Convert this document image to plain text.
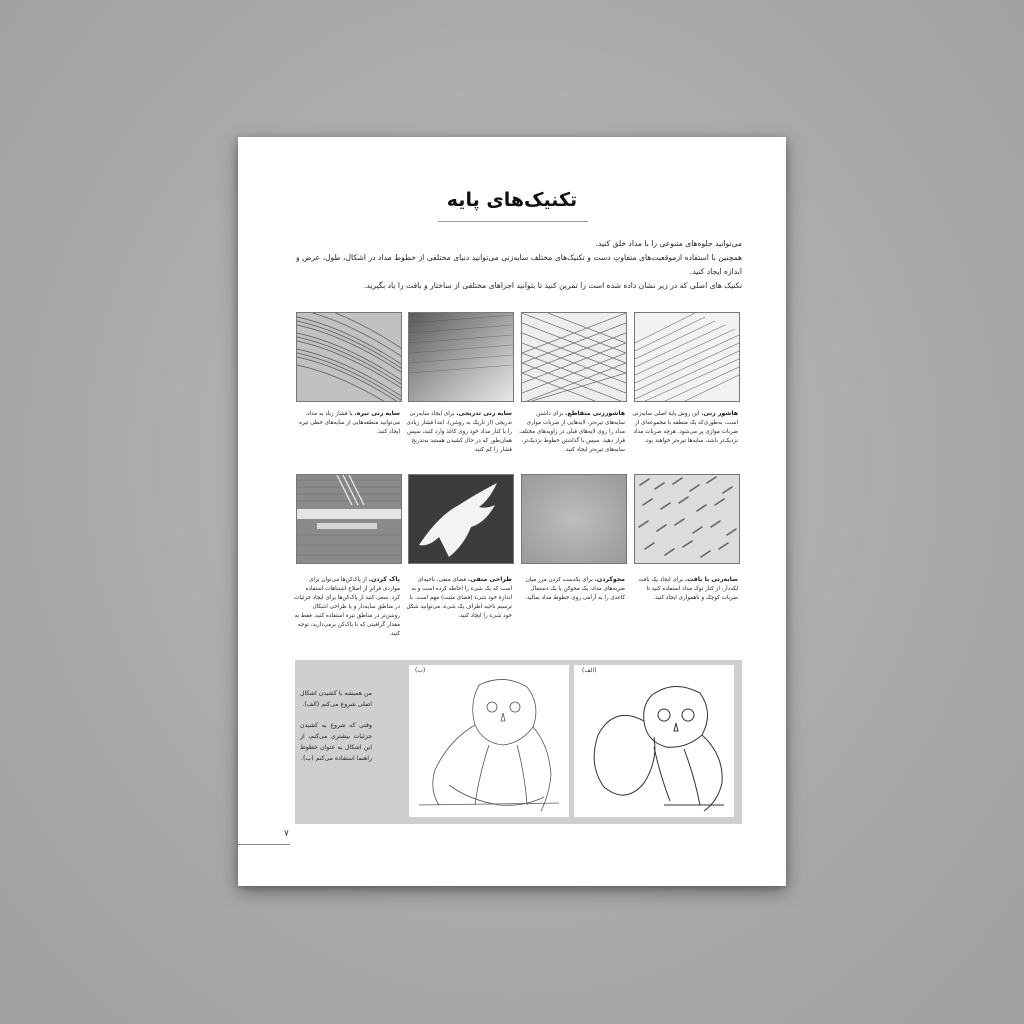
تکنیک‌های پایه

می‌توانید جلوه‌های متنوعی را با مداد خلق کنید.

همچنین با استفاده ازموقعیت‌های متفاوتِ دست و تکنیک‌های مختلف سایه‌زنی می‌توانید دنیای مختلفی از خطوط مداد در اشکال، طول، عرض و اندازه ایجاد کنید.

تکنیک های اصلی که در زیر نشان داده شده است را تمرین کنید تا بتوانید اجراهای مختلفی از ساختار و بافت را یاد بگیرید.

سایه زنی تیره. با فشار زیاد به مداد، می‌توانید منطقه‌هایی از سایه‌های خطی تیره ایجاد کنید.
سایه زنی تدریجی. برای ایجاد سایه‌زنی تدریجی (از تاریک به روشن)، ابتدا فشار زیادی را با کنار مداد خود روی کاغذ وارد کنید، سپس همان‌طور که در حال کشیدن هستید به‌تدریج فشار را کم کنید.
هاشورزنی متقاطع. برای داشتن سایه‌های تیره‌تر، لایه‌هایی از ضربات موازی مداد را روی لایه‌های قبلی در زاویه‌های مختلف قرار دهید. سپس با گذاشتن خطوط نزدیک‌تر، سایه‌های تیره‌تر ایجاد کنید.
هاشور زنی. این روش پایهٔ اصلی سایه‌زنی است، به‌طوری‌که یک منطقه با مجموعه‌ای از ضربات موازی پر می‌شود. هرچه ضربات مداد نزدیک‌تر باشد، سایه‌ها تیره‌تر خواهند بود.
پاک کردن. از پاک‌کن‌ها می‌توان برای مواردی فراتر از اصلاح اشتباهات استفاده کرد. سعی کنید از پاک‌کن‌ها برای ایجاد جزئیات در مناطق سایه‌دار و یا طراحی اشکال روشن‌تر در مناطق تیره استفاده کنید. فقط به مقدار گرافیتی که با پاک‌کن برمی‌دارید، توجه کنید.
طراحی منفی. فضای منفی، ناحیه‌ای است که یک شیء را احاطه کرده است و به اندازهٔ خود شیء (فضای مثبت) مهم است. با ترسیم ناحیه اطراف یک شیء، می‌توانید شکل خود شیء را ایجاد کنید.
محوکردن. برای یکدست کردن مرز میان ضربه‌های مداد، یک محوکن یا یک دستمال کاغذی را به آرامی روی خطوط مداد بمالید.
سایه‌زنی با بافت. برای ایجاد یک بافت لکه‌دار، از کنار نوک مداد استفاده کنید تا ضربات کوچک و ناهمواری ایجاد کنید.

من همیشه با کشیدن اشکال اصلی شروع می‌کنم (الف).

وقتی که شروع به کشیدن جزئیات بیشتری می‌کنم، از این اشکال به عنوان خطوط راهنما استفاده می‌کنم (ب).

(ب)	(الف)
۷
